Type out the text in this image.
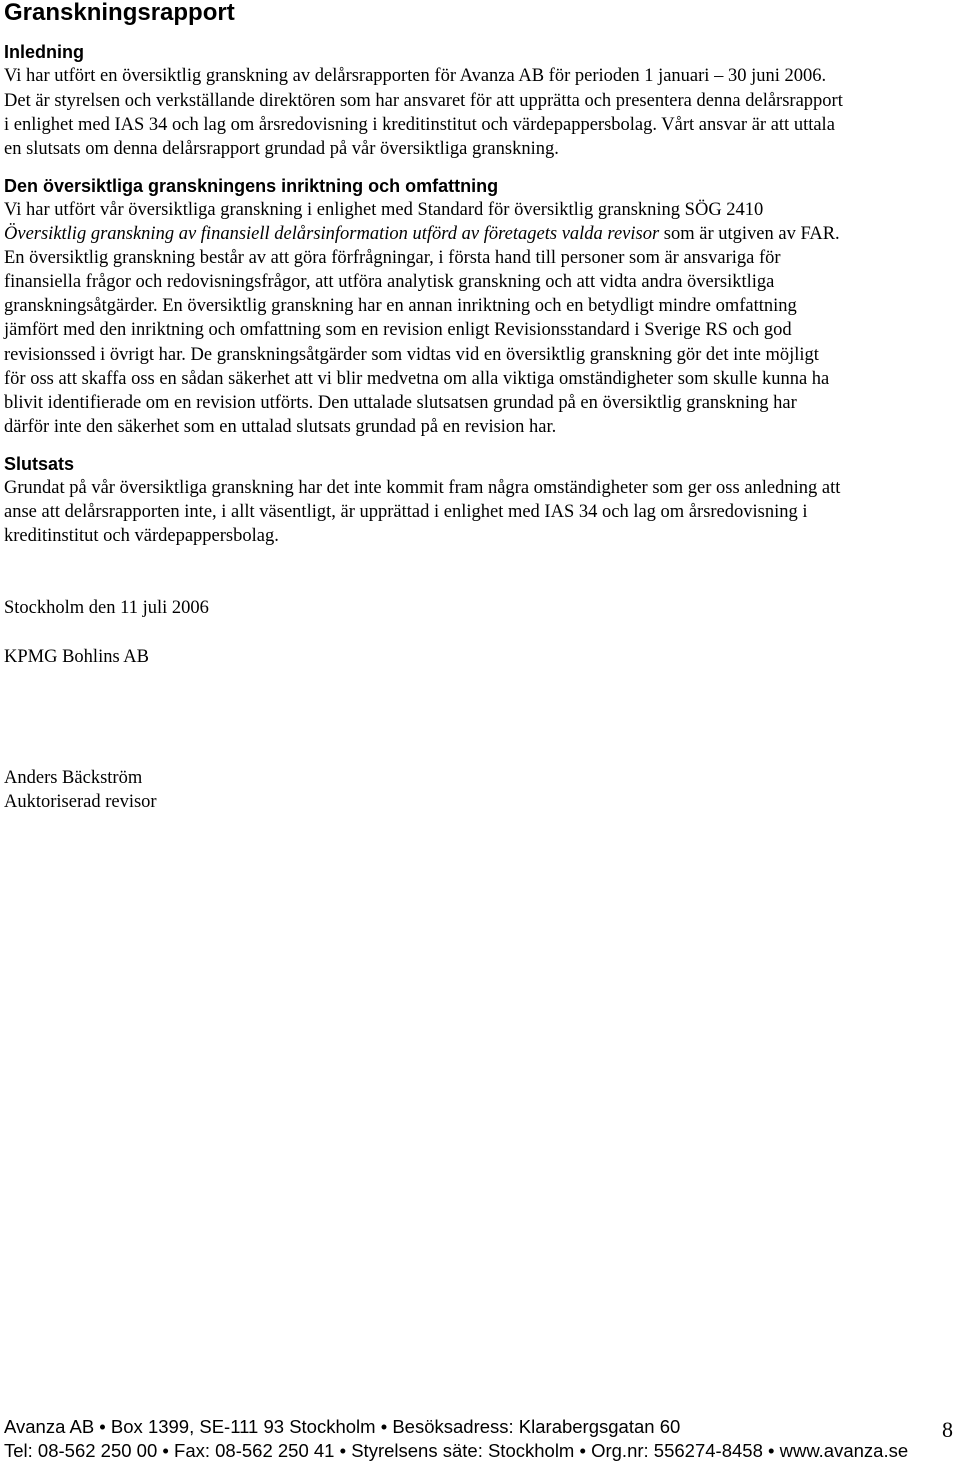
Granskningsrapport
Inledning

Vi har utfört en översiktlig granskning av delårsrapporten för Avanza AB för perioden 1 januari – 30 juni 2006.

Det är styrelsen och verkställande direktören som har ansvaret för att upprätta och presentera denna delårsrapport

i enlighet med IAS 34 och lag om årsredovisning i kreditinstitut och värdepappersbolag. Vårt ansvar är att uttala

en slutsats om denna delårsrapport grundad på vår översiktliga granskning.

Den översiktliga granskningens inriktning och omfattning

Vi har utfört vår översiktliga granskning i enlighet med Standard för översiktlig granskning SÖG 2410

Översiktlig granskning av finansiell delårsinformation utförd av företagets valda revisor som är utgiven av FAR.

En översiktlig granskning består av att göra förfrågningar, i första hand till personer som är ansvariga för

finansiella frågor och redovisningsfrågor, att utföra analytisk granskning och att vidta andra översiktliga

granskningsåtgärder. En översiktlig granskning har en annan inriktning och en betydligt mindre omfattning

jämfört med den inriktning och omfattning som en revision enligt Revisionsstandard i Sverige RS och god

revisionssed i övrigt har. De granskningsåtgärder som vidtas vid en översiktlig granskning gör det inte möjligt

för oss att skaffa oss en sådan säkerhet att vi blir medvetna om alla viktiga omständigheter som skulle kunna ha

blivit identifierade om en revision utförts. Den uttalade slutsatsen grundad på en översiktlig granskning har

därför inte den säkerhet som en uttalad slutsats grundad på en revision har.

Slutsats

Grundat på vår översiktliga granskning har det inte kommit fram några omständigheter som ger oss anledning att

anse att delårsrapporten inte, i allt väsentligt, är upprättad i enlighet med IAS 34 och lag om årsredovisning i

kreditinstitut och värdepappersbolag.

Stockholm den 11 juli 2006

KPMG Bohlins AB

Anders Bäckström

Auktoriserad revisor

Avanza AB • Box 1399, SE-111 93 Stockholm • Besöksadress: Klarabergsgatan 60

Tel: 08-562 250 00 • Fax: 08-562 250 41 • Styrelsens säte: Stockholm • Org.nr: 556274-8458 • www.avanza.se

8
